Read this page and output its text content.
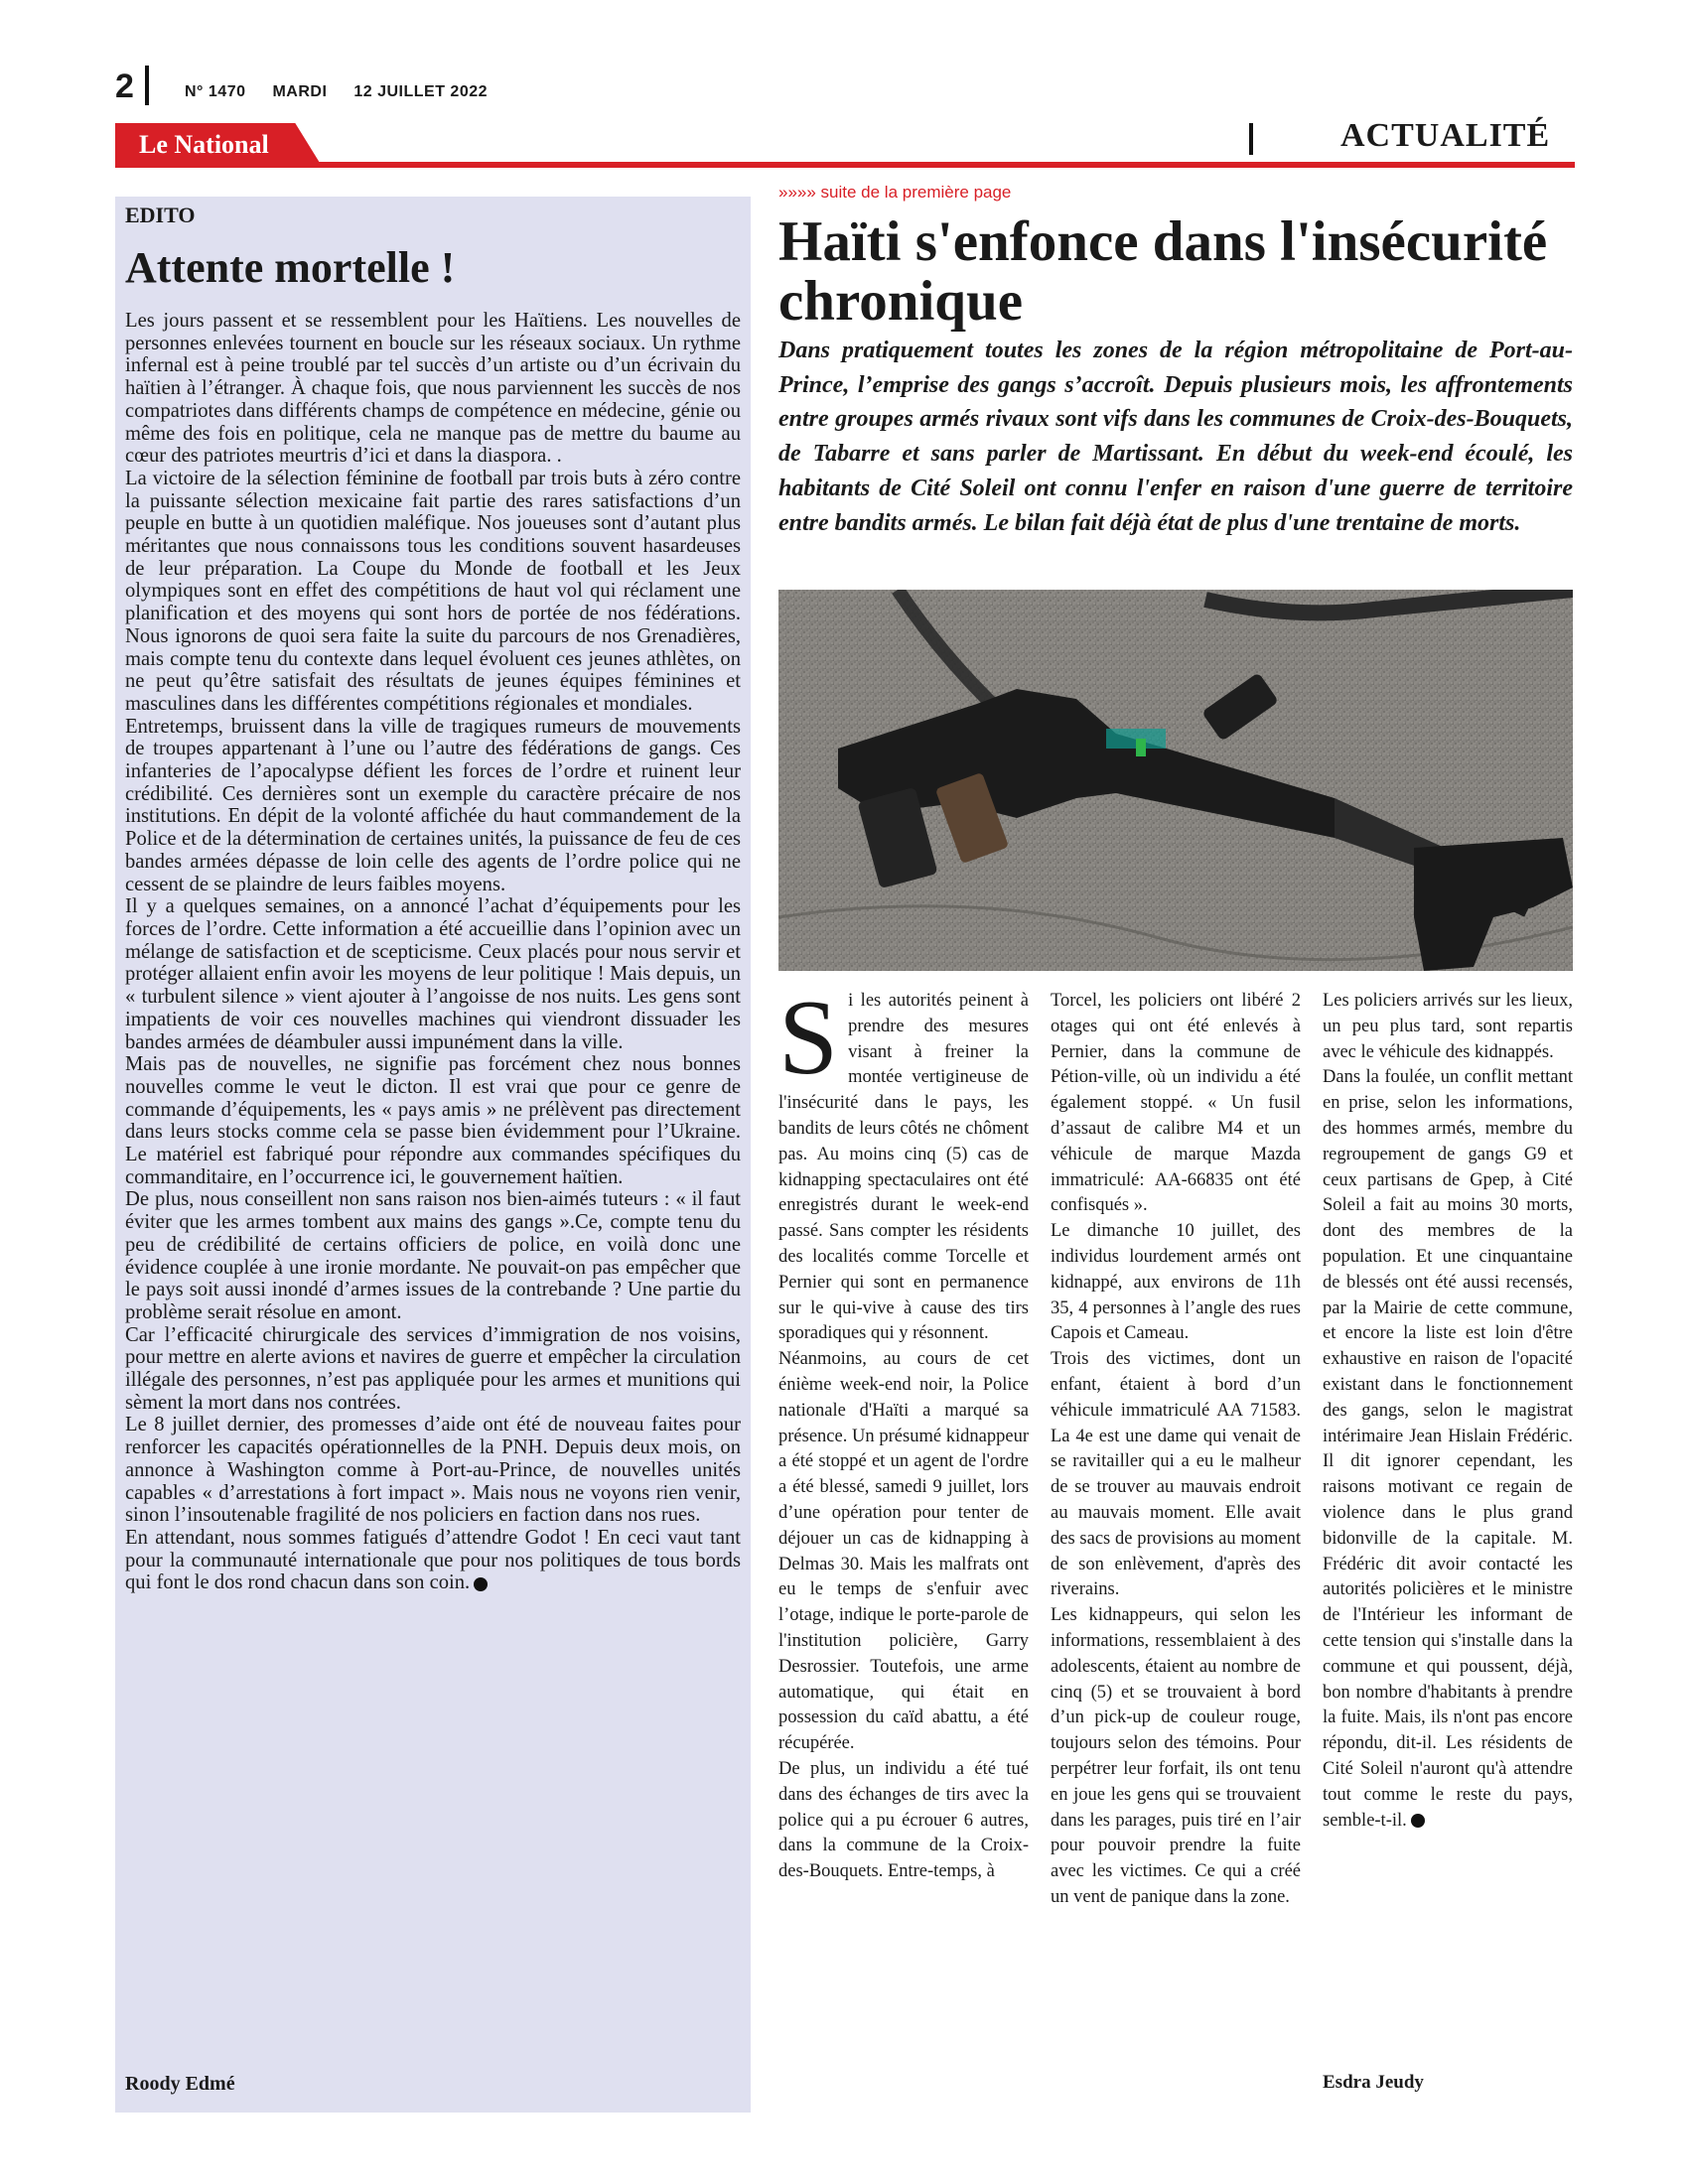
2	N° 1470 MARDI 12 JUILLET 2022
Le National	ACTUALITÉ
EDITO
Attente mortelle !

Les jours passent et se ressemblent pour les Haïtiens. Les nouvelles de personnes enlevées tournent en boucle sur les réseaux sociaux. Un rythme infernal est à peine troublé par tel succès d’un artiste ou d’un écrivain du haïtien à l’étranger. À chaque fois, que nous parviennent les succès de nos compatriotes dans différents champs de compétence en médecine, génie ou même des fois en politique, cela ne manque pas de mettre du baume au cœur des patriotes meurtris d’ici et dans la diaspora. .

La victoire de la sélection féminine de football par trois buts à zéro contre la puissante sélection mexicaine fait partie des rares satisfactions d’un peuple en butte à un quotidien maléfique. Nos joueuses sont d’autant plus méritantes que nous connaissons tous les conditions souvent hasardeuses de leur préparation. La Coupe du Monde de football et les Jeux olympiques sont en effet des compétitions de haut vol qui réclament une planification et des moyens qui sont hors de portée de nos fédérations. Nous ignorons de quoi sera faite la suite du parcours de nos Grenadières, mais compte tenu du contexte dans lequel évoluent ces jeunes athlètes, on ne peut qu’être satisfait des résultats de jeunes équipes féminines et masculines dans les différentes compétitions régionales et mondiales.

Entretemps, bruissent dans la ville de tragiques rumeurs de mouvements de troupes appartenant à l’une ou l’autre des fédérations de gangs. Ces infanteries de l’apocalypse défient les forces de l’ordre et ruinent leur crédibilité. Ces dernières sont un exemple du caractère précaire de nos institutions. En dépit de la volonté affichée du haut commandement de la Police et de la détermination de certaines unités, la puissance de feu de ces bandes armées dépasse de loin celle des agents de l’ordre police qui ne cessent de se plaindre de leurs faibles moyens.

Il y a quelques semaines, on a annoncé l’achat d’équipements pour les forces de l’ordre. Cette information a été accueillie dans l’opinion avec un mélange de satisfaction et de scepticisme. Ceux placés pour nous servir et protéger allaient enfin avoir les moyens de leur politique ! Mais depuis, un « turbulent silence » vient ajouter à l’angoisse de nos nuits. Les gens sont impatients de voir ces nouvelles machines qui viendront dissuader les bandes armées de déambuler aussi impunément dans la ville.

Mais pas de nouvelles, ne signifie pas forcément chez nous bonnes nouvelles comme le veut le dicton. Il est vrai que pour ce genre de commande d’équipements, les « pays amis » ne prélèvent pas directement dans leurs stocks comme cela se passe bien évidemment pour l’Ukraine. Le matériel est fabriqué pour répondre aux commandes spécifiques du commanditaire, en l’occurrence ici, le gouvernement haïtien.

De plus, nous conseillent non sans raison nos bien-aimés tuteurs : « il faut éviter que les armes tombent aux mains des gangs ».Ce, compte tenu du peu de crédibilité de certains officiers de police, en voilà donc une évidence couplée à une ironie mordante. Ne pouvait-on pas empêcher que le pays soit aussi inondé d’armes issues de la contrebande ? Une partie du problème serait résolue en amont.

Car l’efficacité chirurgicale des services d’immigration de nos voisins, pour mettre en alerte avions et navires de guerre et empêcher la circulation illégale des personnes, n’est pas appliquée pour les armes et munitions qui sèment la mort dans nos contrées.

Le 8 juillet dernier, des promesses d’aide ont été de nouveau faites pour renforcer les capacités opérationnelles de la PNH. Depuis deux mois, on annonce à Washington comme à Port-au-Prince, de nouvelles unités capables « d’arrestations à fort impact ». Mais nous ne voyons rien venir, sinon l’insoutenable fragilité de nos policiers en faction dans nos rues.

En attendant, nous sommes fatigués d’attendre Godot ! En ceci vaut tant pour la communauté internationale que pour nos politiques de tous bords qui font le dos rond chacun dans son coin.

Roody Edmé
»»»» suite de la première page
Haïti s'enfonce dans l'insécurité chronique
Dans pratiquement toutes les zones de la région métropolitaine de Port-au-Prince, l’emprise des gangs s’accroît. Depuis plusieurs mois, les affrontements entre groupes armés rivaux sont vifs dans les communes de Croix-des-Bouquets, de Tabarre et sans parler de Martissant. En début du week-end écoulé, les habitants de Cité Soleil ont connu l'enfer en raison d'une guerre de territoire entre bandits armés. Le bilan fait déjà état de plus d'une trentaine de morts.
S i les autorités peinent à prendre des mesures visant à freiner la montée vertigineuse de l'insécurité dans le pays, les bandits de leurs côtés ne chôment pas. Au moins cinq (5) cas de kidnapping spectaculaires ont été enregistrés durant le week-end passé. Sans compter les résidents des localités comme Torcelle et Pernier qui sont en permanence sur le qui-vive à cause des tirs sporadiques qui y résonnent.

Néanmoins, au cours de cet énième week-end noir, la Police nationale d'Haïti a marqué sa présence. Un présumé kidnappeur a été stoppé et un agent de l'ordre a été blessé, samedi 9 juillet, lors d’une opération pour tenter de déjouer un cas de kidnapping à Delmas 30. Mais les malfrats ont eu le temps de s'enfuir avec l’otage, indique le porte-parole de l'institution policière, Garry Desrossier. Toutefois, une arme automatique, qui était en possession du caïd abattu, a été récupérée.

De plus, un individu a été tué dans des échanges de tirs avec la police qui a pu écrouer 6 autres, dans la commune de la Croix-des-Bouquets. Entre-temps, à

Torcel, les policiers ont libéré 2 otages qui ont été enlevés à Pernier, dans la commune de Pétion-ville, où un individu a été également stoppé. « Un fusil d’assaut de calibre M4 et un véhicule de marque Mazda immatriculé: AA-66835 ont été confisqués ».

Le dimanche 10 juillet, des individus lourdement armés ont kidnappé, aux environs de 11h 35, 4 personnes à l’angle des rues Capois et Cameau.

Trois des victimes, dont un enfant, étaient à bord d’un véhicule immatriculé AA 71583. La 4e est une dame qui venait de se ravitailler qui a eu le malheur de se trouver au mauvais endroit au mauvais moment. Elle avait des sacs de provisions au moment de son enlèvement, d'après des riverains.

Les kidnappeurs, qui selon les informations, ressemblaient à des adolescents, étaient au nombre de cinq (5) et se trouvaient à bord d’un pick-up de couleur rouge, toujours selon des témoins. Pour perpétrer leur forfait, ils ont tenu en joue les gens qui se trouvaient dans les parages, puis tiré en l’air pour pouvoir prendre la fuite avec les victimes. Ce qui a créé un vent de panique dans la zone.

Les policiers arrivés sur les lieux, un peu plus tard, sont repartis avec le véhicule des kidnappés.

Dans la foulée, un conflit mettant en prise, selon les informations, des hommes armés, membre du regroupement de gangs G9 et ceux partisans de Gpep, à Cité Soleil a fait au moins 30 morts, dont des membres de la population. Et une cinquantaine de blessés ont été aussi recensés, par la Mairie de cette commune, et encore la liste est loin d'être exhaustive en raison de l'opacité existant dans le fonctionnement des gangs, selon le magistrat intérimaire Jean Hislain Frédéric. Il dit ignorer cependant, les raisons motivant ce regain de violence dans le plus grand bidonville de la capitale. M. Frédéric dit avoir contacté les autorités policières et le ministre de l'Intérieur les informant de cette tension qui s'installe dans la commune et qui poussent, déjà, bon nombre d'habitants à prendre la fuite. Mais, ils n'ont pas encore répondu, dit-il. Les résidents de Cité Soleil n'auront qu'à attendre tout comme le reste du pays, semble-t-il.

Esdra Jeudy
